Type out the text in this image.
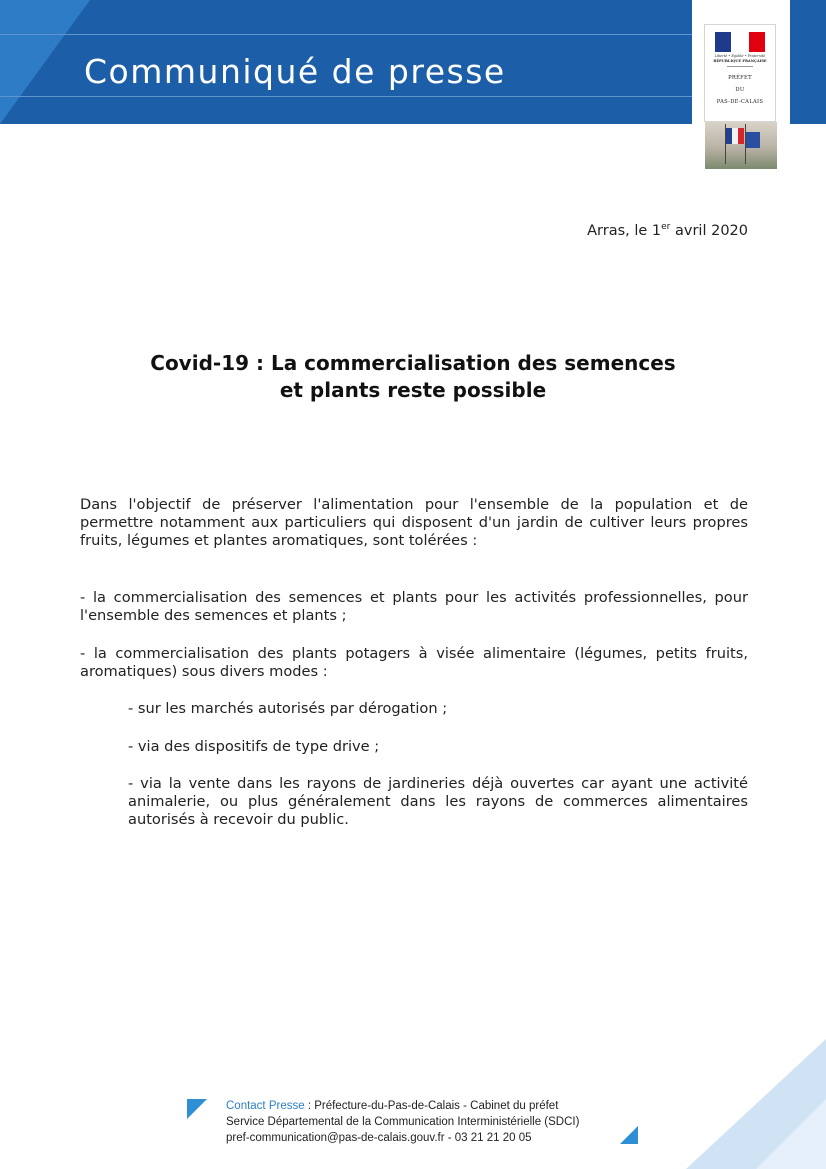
Communiqué de presse	Liberté • Égalité • Fraternité
RÉPUBLIQUE FRANÇAISE
PRÉFET
DU
PAS-DE-CALAIS
Arras, le 1er avril 2020
Covid-19 : La commercialisation des semences
et plants reste possible
Dans l'objectif de préserver l'alimentation pour l'ensemble de la population et de permettre notamment aux particuliers qui disposent d'un jardin de cultiver leurs propres fruits, légumes et plantes aromatiques, sont tolérées :
- la commercialisation des semences et plants pour les activités professionnelles, pour l'ensemble des semences et plants ;
- la commercialisation des plants potagers à visée alimentaire (légumes, petits fruits, aromatiques) sous divers modes :
- sur les marchés autorisés par dérogation ;
- via des dispositifs de type drive ;
- via la vente dans les rayons de jardineries déjà ouvertes car ayant une activité animalerie, ou plus généralement dans les rayons de commerces alimentaires autorisés à recevoir du public.
Contact Presse : Préfecture-du-Pas-de-Calais - Cabinet du préfet
Service Départemental de la Communication Interministérielle (SDCI)
pref-communication@pas-de-calais.gouv.fr - 03 21 21 20 05
